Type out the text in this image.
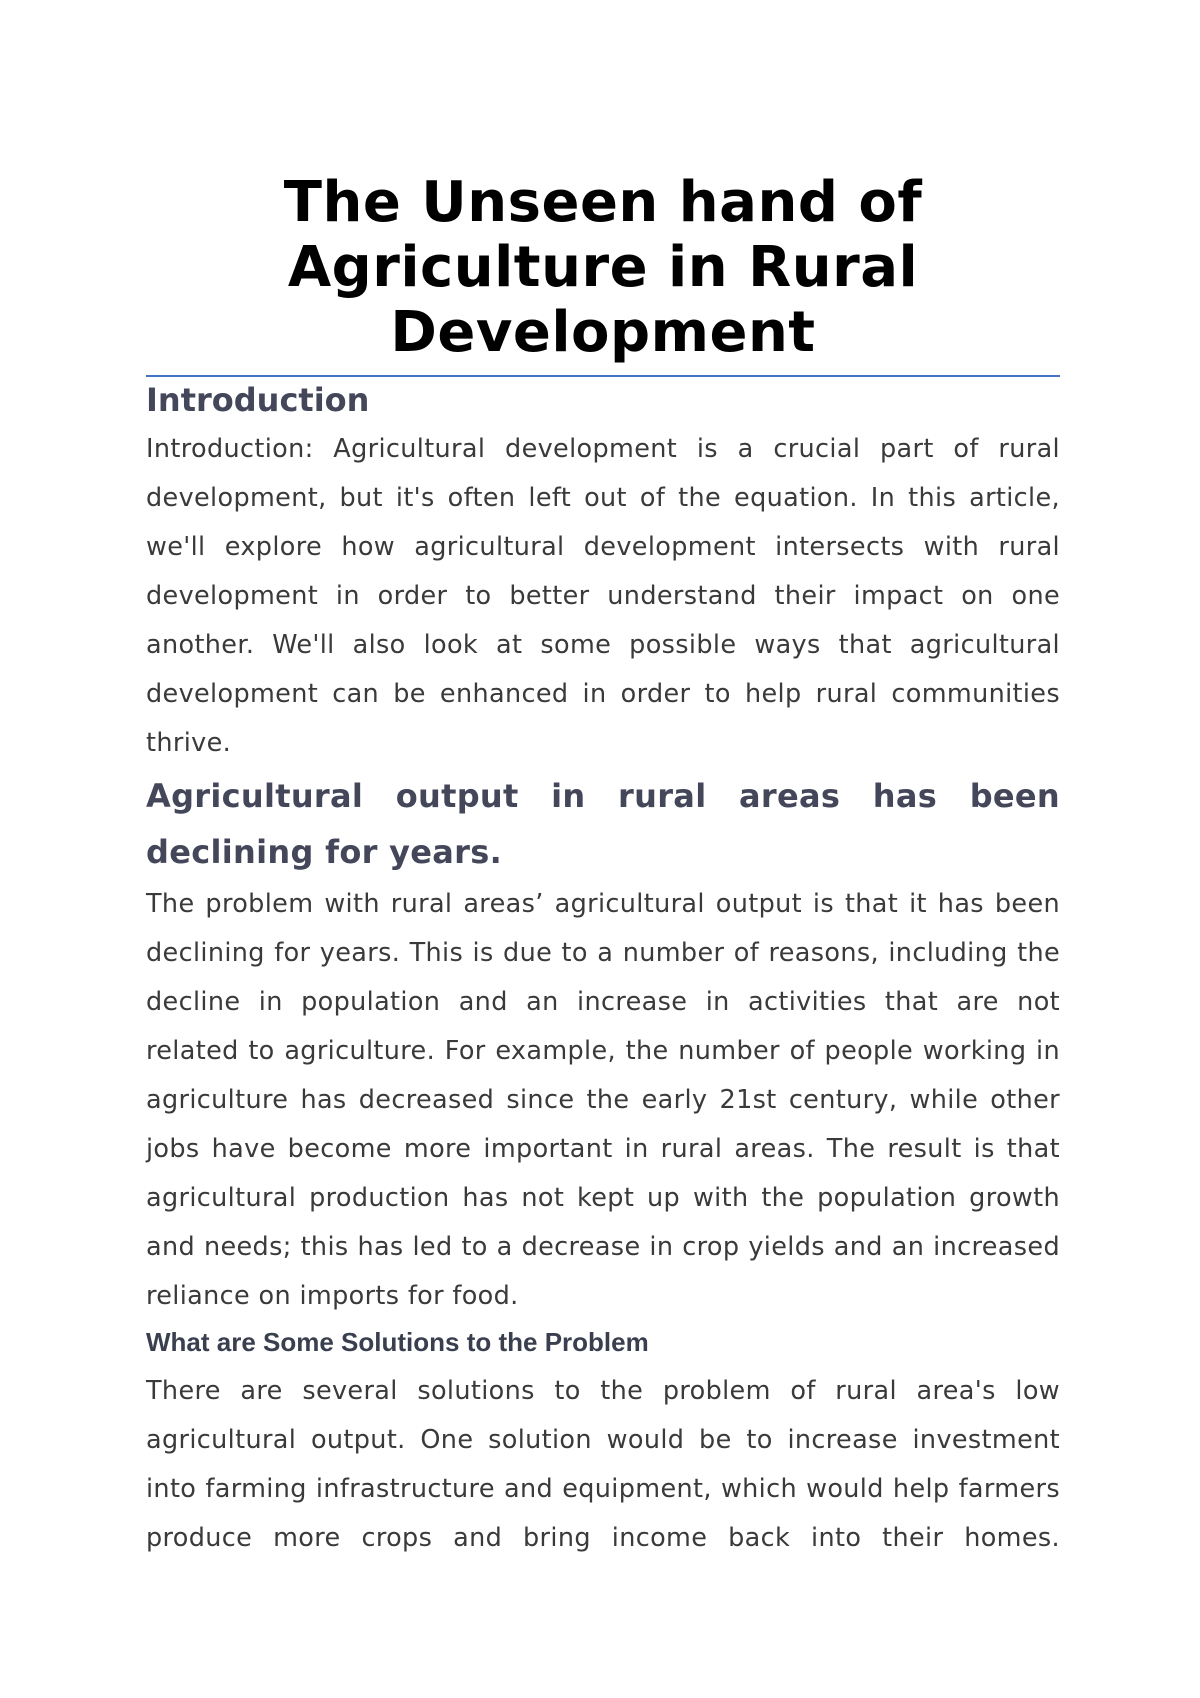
The Unseen hand of Agriculture in Rural Development
Introduction

Introduction: Agricultural development is a crucial part of rural development, but it's often left out of the equation. In this article, we'll explore how agricultural development intersects with rural development in order to better understand their impact on one another. We'll also look at some possible ways that agricultural development can be enhanced in order to help rural communities thrive.

Agricultural output in rural areas has been declining for years.

The problem with rural areas’ agricultural output is that it has been declining for years. This is due to a number of reasons, including the decline in population and an increase in activities that are not related to agriculture. For example, the number of people working in agriculture has decreased since the early 21st century, while other jobs have become more important in rural areas. The result is that agricultural production has not kept up with the population growth and needs; this has led to a decrease in crop yields and an increased reliance on imports for food.

What are Some Solutions to the Problem

There are several solutions to the problem of rural area's low agricultural output. One solution would be to increase investment into farming infrastructure and equipment, which would help farmers produce more crops and bring income back into their homes.
